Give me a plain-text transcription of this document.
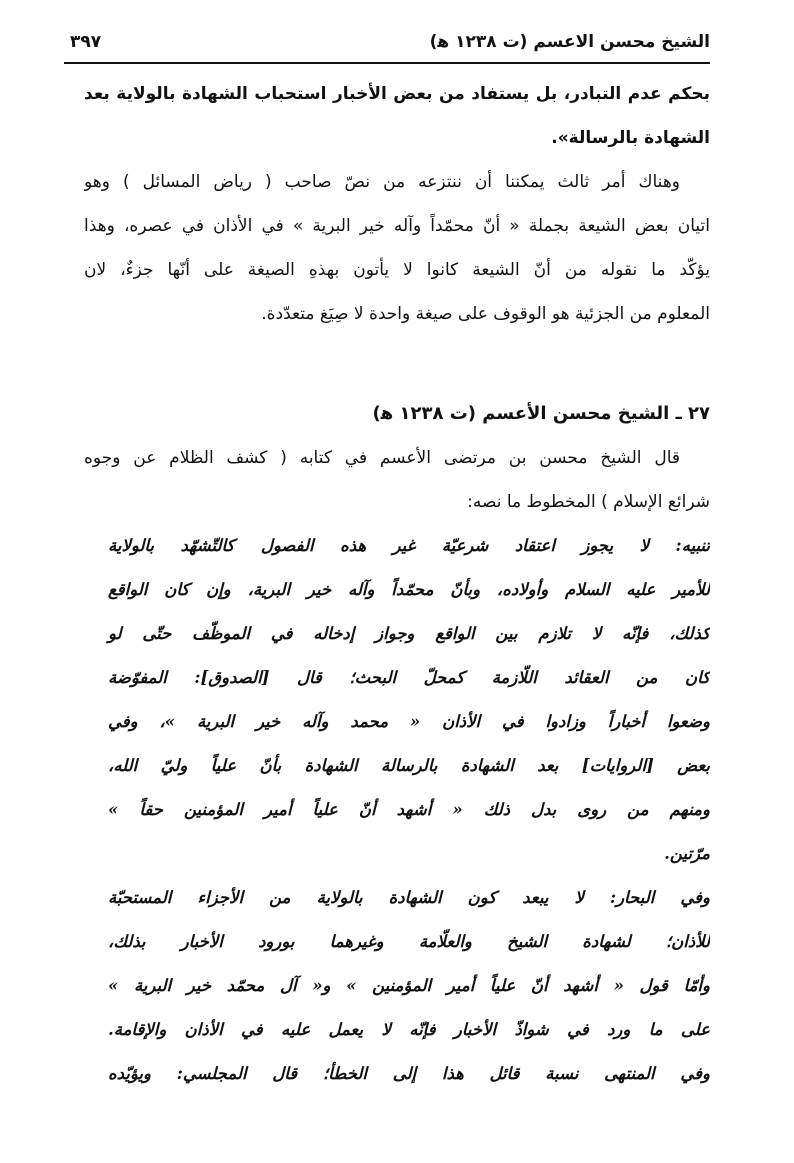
الشيخ محسن الاعسم (ت ١٢٣٨ ﻫ)
٣٩٧
بحكم عدم التبادر، بل يستفاد من بعض الأخبار استحباب الشهادة بالولاية بعد
الشهادة بالرسالة».
وهناك أمر ثالث يمكننا أن ننتزعه من نصّ صاحب ( رياض المسائل ) وهو
اتيان بعض الشيعة بجملة « أنّ محمّداً وآله خير البرية » في الأذان في عصره، وهذا
يؤكّد ما نقوله من أنّ الشيعة كانوا لا يأتون بهذهِ الصيغة على أنّها جزءٌ، لان
المعلوم من الجزئية هو الوقوف على صيغة واحدة لا صِيَغ متعدّدة.
٢٧ ـ الشيخ محسن الأعسم (ت ١٢٣٨ ﻫ)
قال الشيخ محسن بن مرتضى الأعسم في كتابه ( كشف الظلام عن وجوه
شرائع الإسلام ) المخطوط ما نصه:
تنبيه: لا يجوز اعتقاد شرعيّة غير هذه الفصول كالتّشهّد بالولاية
للأمير عليه السلام وأولاده، وبأنّ محمّداً وآله خير البرية، وإن كان الواقع
كذلك، فإنّه لا تلازم بين الواقع وجواز إدخاله في الموظّف حتّى لو
كان من العقائد اللّازمة كمحلّ البحث؛ قال [الصدوق]: المفوّضة
وضعوا أخباراً وزادوا في الأذان « محمد وآله خير البرية »، وفي
بعض [الروايات] بعد الشهادة بالرسالة الشهادة بأنّ علياً وليّ الله،
ومنهم من روى بدل ذلك « أشهد أنّ علياً أمير المؤمنين حقاً »
مرّتين.
وفي البحار: لا يبعد كون الشهادة بالولاية من الأجزاء المستحبّة
للأذان؛ لشهادة الشيخ والعلّامة وغيرهما بورود الأخبار بذلك،
وأمّا قول « أشهد أنّ علياً أمير المؤمنين » و« آل محمّد خير البرية »
على ما ورد في شواذّ الأخبار فإنّه لا يعمل عليه في الأذان والإقامة.
وفي المنتهى نسبة قائل هذا إلى الخطأ؛ قال المجلسي: ويؤيّده
